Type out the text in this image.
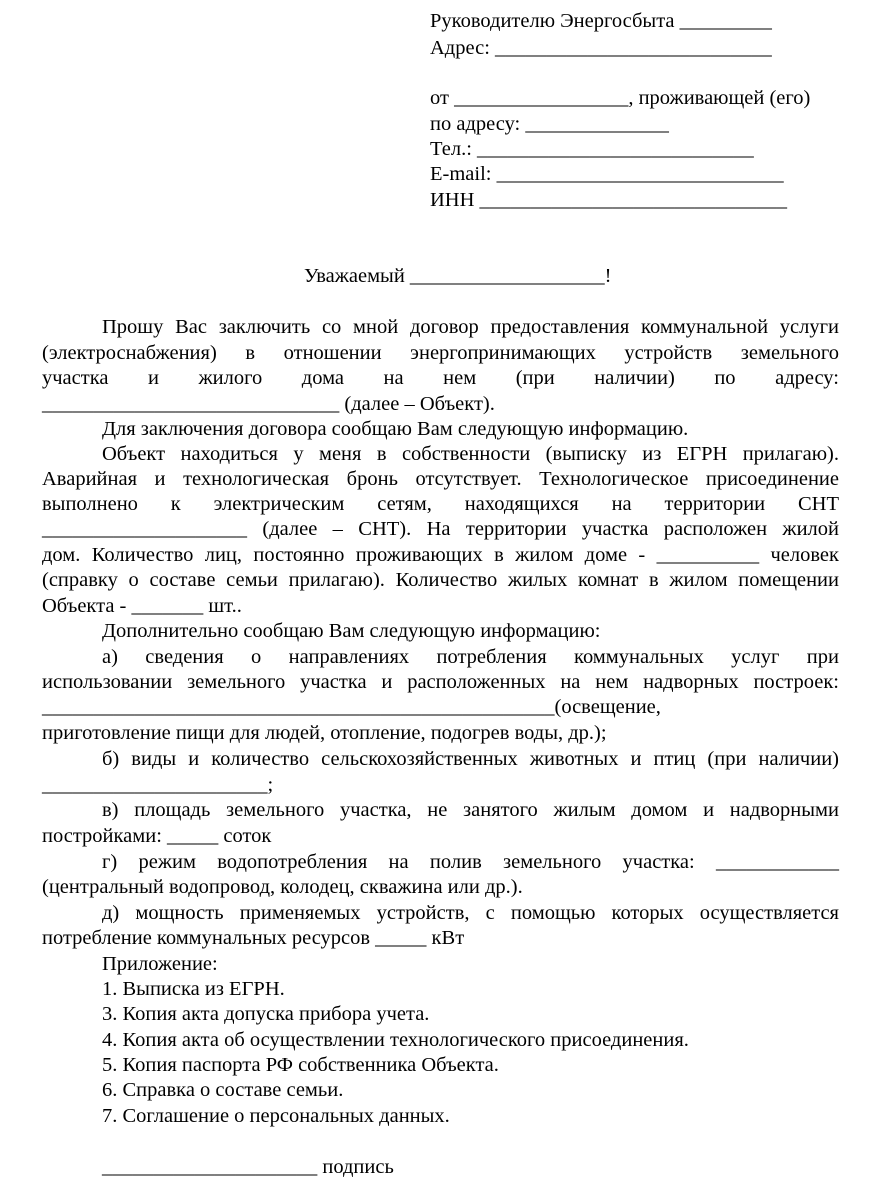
Руководителю Энергосбыта _________
Адрес: ___________________________
от _________________, проживающей (его)
по адресу: ______________
Тел.: ___________________________
E-mail: ____________________________
ИНН ______________________________
Уважаемый ___________________!
Прошу Вас заключить со мной договор предоставления коммунальной услуги
(электроснабжения) в отношении энергопринимающих устройств земельного
участка и жилого дома на нем (при наличии) по адресу:
_____________________________ (далее – Объект).
Для заключения договора сообщаю Вам следующую информацию.
Объект находиться у меня в собственности (выписку из ЕГРН прилагаю).
Аварийная и технологическая бронь отсутствует. Технологическое присоединение
выполнено к электрическим сетям, находящихся на территории СНТ
____________________ (далее – СНТ). На территории участка расположен жилой
дом. Количество лиц, постоянно проживающих в жилом доме - __________ человек
(справку о составе семьи прилагаю). Количество жилых комнат в жилом помещении
Объекта - _______ шт..
Дополнительно сообщаю Вам следующую информацию:
а) сведения о направлениях потребления коммунальных услуг при
использовании земельного участка и расположенных на нем надворных построек:
__________________________________________________(освещение,
приготовление пищи для людей, отопление, подогрев воды, др.);
б) виды и количество сельскохозяйственных животных и птиц (при наличии)
______________________;
в) площадь земельного участка, не занятого жилым домом и надворными
постройками: _____ соток
г) режим водопотребления на полив земельного участка: ____________
(центральный водопровод, колодец, скважина или др.).
д) мощность применяемых устройств, с помощью которых осуществляется
потребление коммунальных ресурсов _____ кВт
Приложение:
1. Выписка из ЕГРН.
3. Копия акта допуска прибора учета.
4. Копия акта об осуществлении технологического присоединения.
5. Копия паспорта РФ собственника Объекта.
6. Справка о составе семьи.
7. Соглашение о персональных данных.
_____________________ подпись
